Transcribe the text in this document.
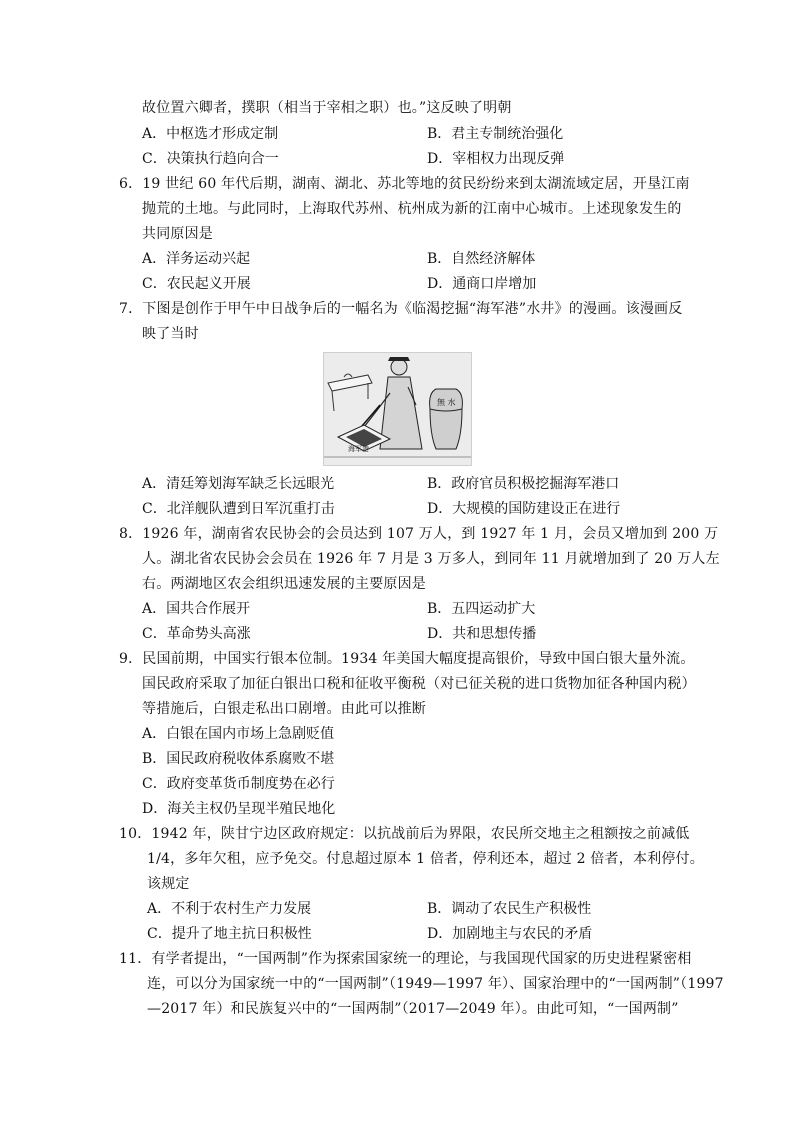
故位置六卿者，撲职（相当于宰相之职）也。”这反映了明朝
A．中枢选才形成定制	B．君主专制统治强化
C．决策执行趋向合一	D．宰相权力出现反弹
6．19 世纪 60 年代后期，湖南、湖北、苏北等地的贫民纷纷来到太湖流域定居，开垦江南
抛荒的土地。与此同时，上海取代苏州、杭州成为新的江南中心城市。上述现象发生的
共同原因是
A．洋务运动兴起	B．自然经济解体
C．农民起义开展	D．通商口岸增加
7．下图是创作于甲午中日战争后的一幅名为《临渴挖掘“海军港”水井》的漫画。该漫画反
映了当时
海军港
無 水
A．清廷筹划海军缺乏长远眼光	B．政府官员积极挖掘海军港口
C．北洋舰队遭到日军沉重打击	D．大规模的国防建设正在进行
8．1926 年，湖南省农民协会的会员达到 107 万人，到 1927 年 1 月，会员又增加到 200 万
人。湖北省农民协会会员在 1926 年 7 月是 3 万多人，到同年 11 月就增加到了 20 万人左
右。两湖地区农会组织迅速发展的主要原因是
A．国共合作展开	B．五四运动扩大
C．革命势头高涨	D．共和思想传播
9．民国前期，中国实行银本位制。1934 年美国大幅度提高银价，导致中国白银大量外流。
国民政府采取了加征白银出口税和征收平衡税（对已征关税的进口货物加征各种国内税）
等措施后，白银走私出口剧增。由此可以推断
A．白银在国内市场上急剧贬值
B．国民政府税收体系腐败不堪
C．政府变革货币制度势在必行
D．海关主权仍呈现半殖民地化
10．1942 年，陕甘宁边区政府规定：以抗战前后为界限，农民所交地主之租额按之前减低
1/4，多年欠租，应予免交。付息超过原本 1 倍者，停利还本，超过 2 倍者，本利停付。
该规定
A．不利于农村生产力发展	B．调动了农民生产积极性
C．提升了地主抗日积极性	D．加剧地主与农民的矛盾
11．有学者提出，“一国两制”作为探索国家统一的理论，与我国现代国家的历史进程紧密相
连，可以分为国家统一中的“一国两制”（1949—1997 年）、国家治理中的“一国两制”（1997
—2017 年）和民族复兴中的“一国两制”（2017—2049 年）。由此可知，“一国两制”
